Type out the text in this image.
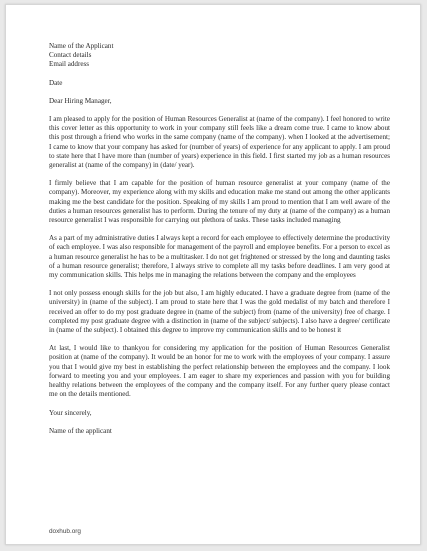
Name of the Applicant
Contact details
Email address
Date
Dear Hiring Manager,

I am pleased to apply for the position of Human Resources Generalist at (name of the company). I feel honored to write this cover letter as this opportunity to work in your company still feels like a dream come true. I came to know about this post through a friend who works in the same company (name of the company). when I looked at the advertisement; I came to know that your company has asked for (number of years) of experience for any applicant to apply. I am proud to state here that I have more than (number of years) experience in this field. I first started my job as a human resources generalist at (name of the company) in (date/ year).

I firmly believe that I am capable for the position of human resource generalist at your company (name of the company). Moreover, my experience along with my skills and education make me stand out among the other applicants making me the best candidate for the position. Speaking of my skills I am proud to mention that I am well aware of the duties a human resources generalist has to perform. During the tenure of my duty at (name of the company) as a human resource generalist I was responsible for carrying out plethora of tasks. These tasks included managing

As a part of my administrative duties I always kept a record for each employee to effectively determine the productivity of each employee. I was also responsible for management of the payroll and employee benefits. For a person to excel as a human resource generalist he has to be a multitasker. I do not get frightened or stressed by the long and daunting tasks of a human resource generalist; therefore, I always strive to complete all my tasks before deadlines. I am very good at my communication skills. This helps me in managing the relations between the company and the employees

I not only possess enough skills for the job but also, I am highly educated. I have a graduate degree from (name of the university) in (name of the subject). I am proud to state here that I was the gold medalist of my batch and therefore I received an offer to do my post graduate degree in (name of the subject) from (name of the university) free of charge. I completed my post graduate degree with a distinction in (name of the subject/ subjects). I also have a degree/ certificate in (name of the subject). I obtained this degree to improve my communication skills and to be honest it

At last, I would like to thankyou for considering my application for the position of Human Resources Generalist position at (name of the company). It would be an honor for me to work with the employees of your company. I assure you that I would give my best in establishing the perfect relationship between the employees and the company. I look forward to meeting you and your employees. I am eager to share my experiences and passion with you for building healthy relations between the employees of the company and the company itself. For any further query please contact me on the details mentioned.

Your sincerely,
Name of the applicant
doxhub.org
